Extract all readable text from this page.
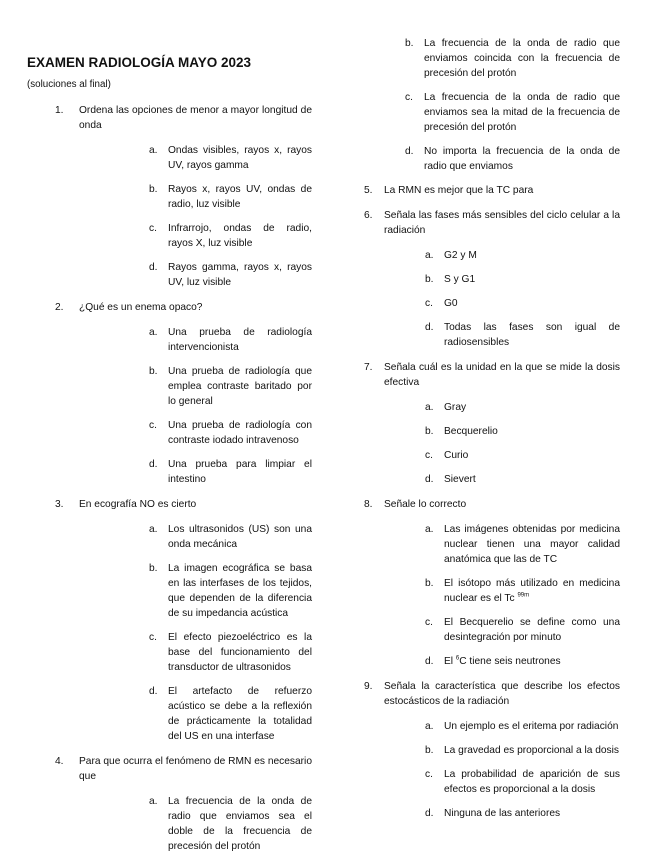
EXAMEN RADIOLOGÍA MAYO 2023
(soluciones al final)
1. Ordena las opciones de menor a mayor longitud de onda
a. Ondas visibles, rayos x, rayos UV, rayos gamma
b. Rayos x, rayos UV, ondas de radio, luz visible
c. Infrarrojo, ondas de radio, rayos X, luz visible
d. Rayos gamma, rayos x, rayos UV, luz visible
2. ¿Qué es un enema opaco?
a. Una prueba de radiología intervencionista
b. Una prueba de radiología que emplea contraste baritado por lo general
c. Una prueba de radiología con contraste iodado intravenoso
d. Una prueba para limpiar el intestino
3. En ecografía NO es cierto
a. Los ultrasonidos (US) son una onda mecánica
b. La imagen ecográfica se basa en las interfases de los tejidos, que dependen de la diferencia de su impedancia acústica
c. El efecto piezoeléctrico es la base del funcionamiento del transductor de ultrasonidos
d. El artefacto de refuerzo acústico se debe a la reflexión de prácticamente la totalidad del US en una interfase
4. Para que ocurra el fenómeno de RMN es necesario que
a. La frecuencia de la onda de radio que enviamos sea el doble de la frecuencia de precesión del protón
b. La frecuencia de la onda de radio que enviamos coincida con la frecuencia de precesión del protón
c. La frecuencia de la onda de radio que enviamos sea la mitad de la frecuencia de precesión del protón
d. No importa la frecuencia de la onda de radio que enviamos
5. La RMN es mejor que la TC para
6. Señala las fases más sensibles del ciclo celular a la radiación
a. G2 y M
b. S y G1
c. G0
d. Todas las fases son igual de radiosensibles
7. Señala cuál es la unidad en la que se mide la dosis efectiva
a. Gray
b. Becquerelio
c. Curio
d. Sievert
8. Señale lo correcto
a. Las imágenes obtenidas por medicina nuclear tienen una mayor calidad anatómica que las de TC
b. El isótopo más utilizado en medicina nuclear es el Tc $^{99m}$
c. El Becquerelio se define como una desintegración por minuto
d. El $^6$C tiene seis neutrones
9. Señala la característica que describe los efectos estocásticos de la radiación
a. Un ejemplo es el eritema por radiación
b. La gravedad es proporcional a la dosis
c. La probabilidad de aparición de sus efectos es proporcional a la dosis
d. Ninguna de las anteriores
